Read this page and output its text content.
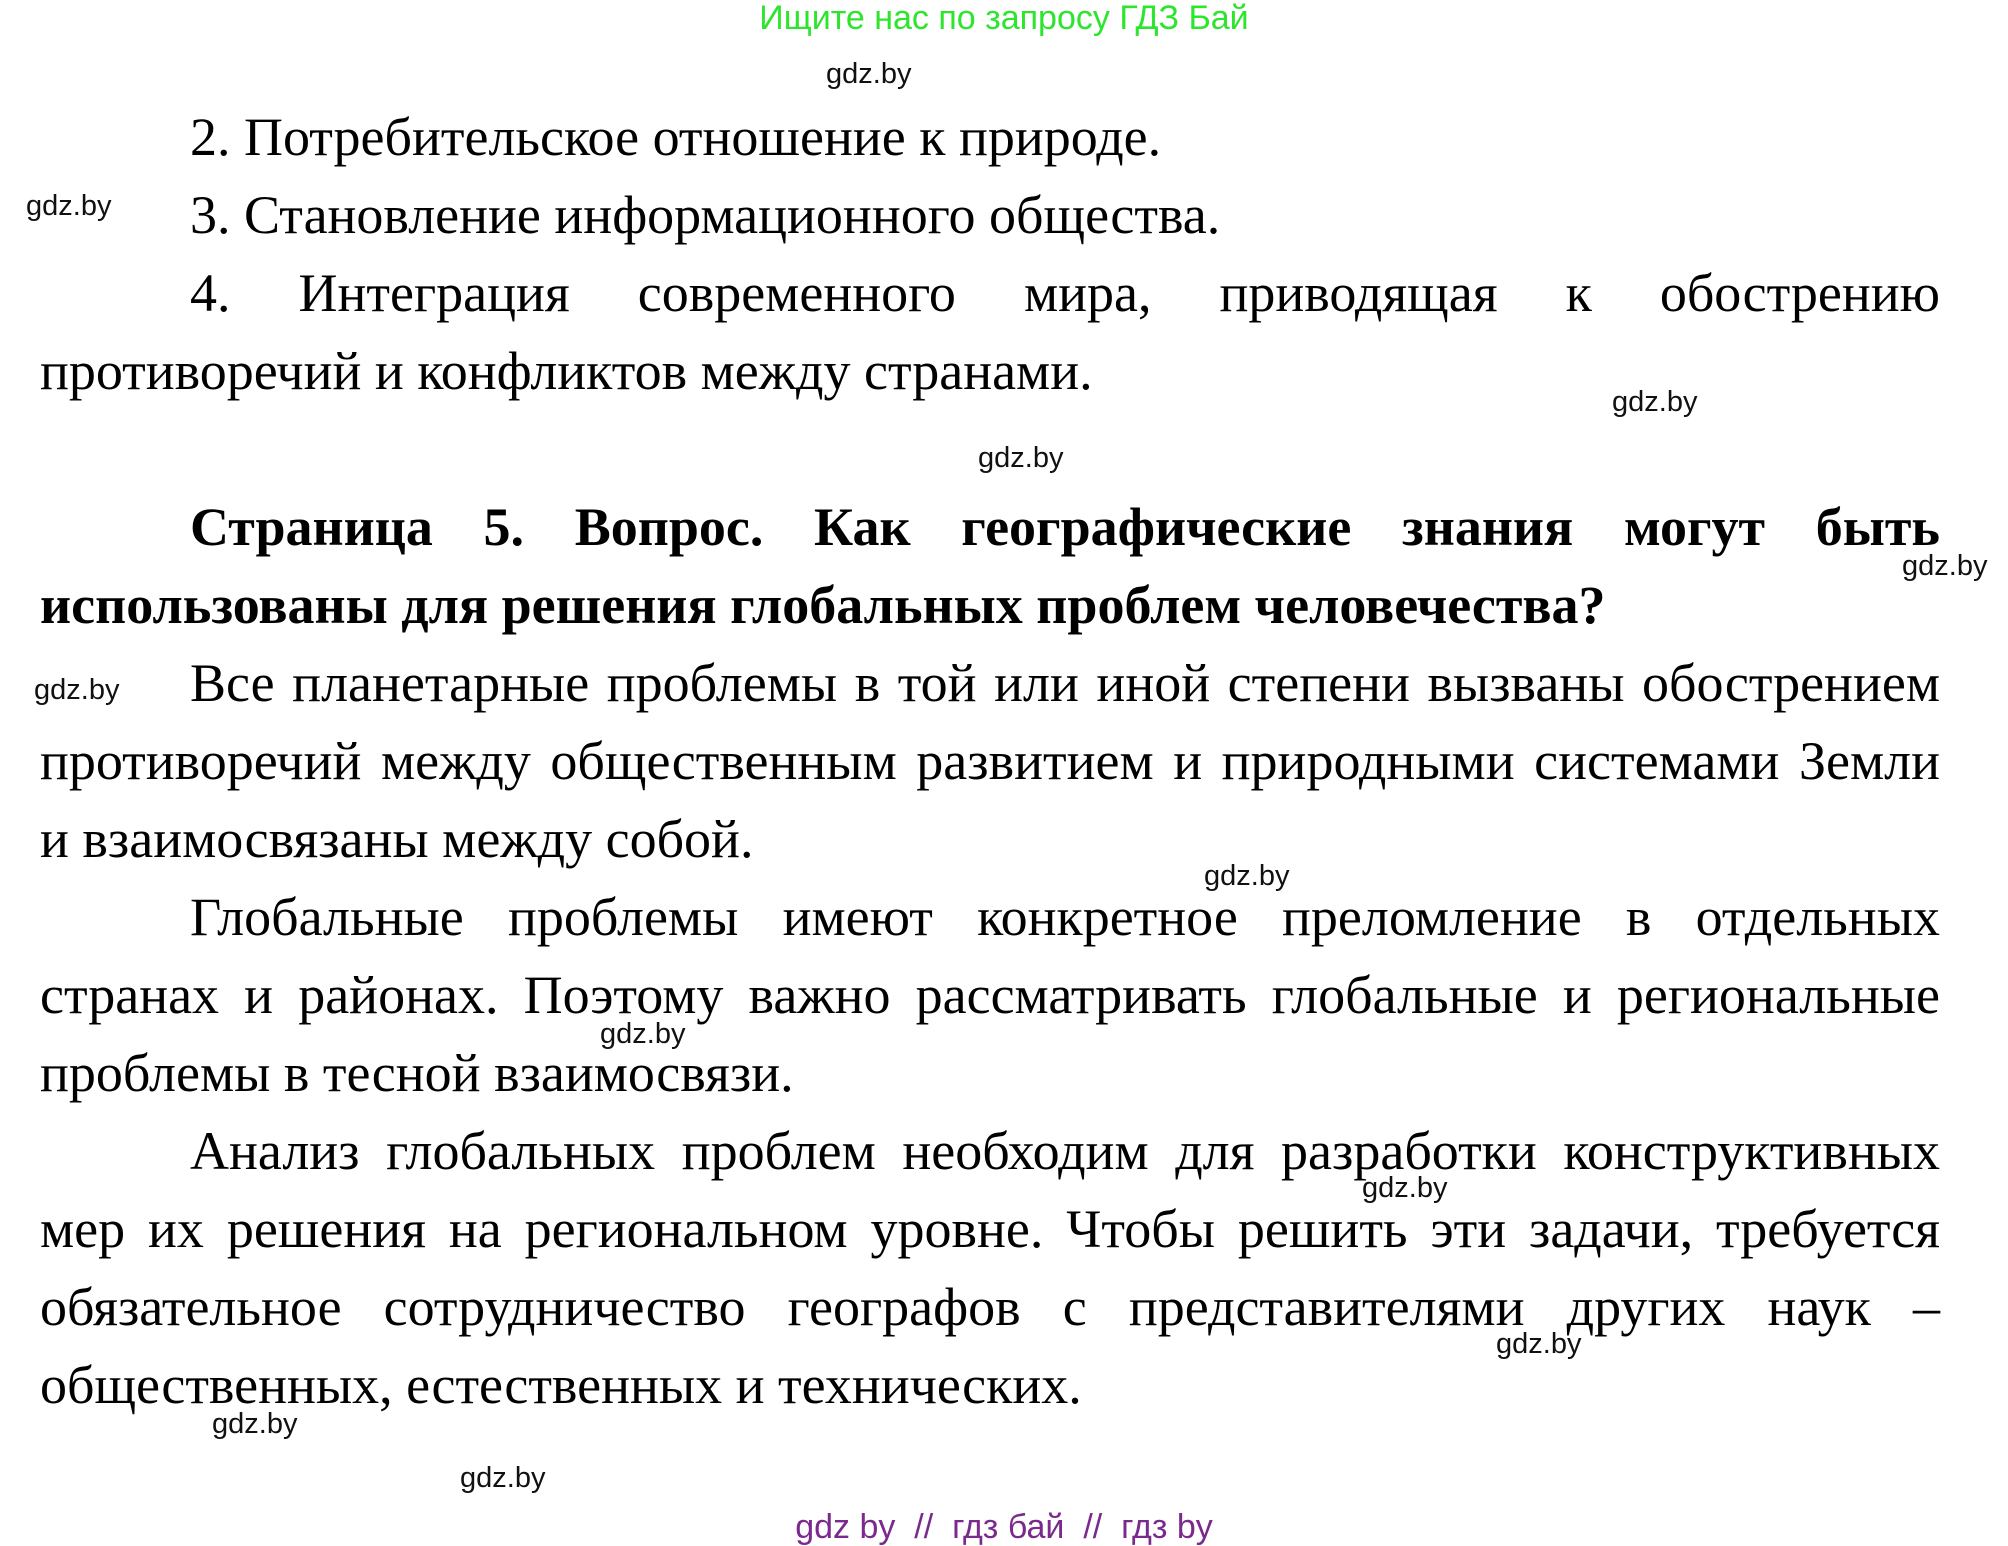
Ищите нас по запросу ГДЗ Бай

2. Потребительское отношение к природе.

3. Становление информационного общества.

4. Интеграция современного мира, приводящая к обострению противоречий и конфликтов между странами.

Страница 5. Вопрос. Как географические знания могут быть использованы для решения глобальных проблем человечества?

Все планетарные проблемы в той или иной степени вызваны обострением противоречий между общественным развитием и природными системами Земли и взаимосвязаны между собой.

Глобальные проблемы имеют конкретное преломление в отдельных странах и районах. Поэтому важно рассматривать глобальные и региональные проблемы в тесной взаимосвязи.

Анализ глобальных проблем необходим для разработки конструктивных мер их решения на региональном уровне. Чтобы решить эти задачи, требуется обязательное сотрудничество географов с представителями других наук – общественных, естественных и технических.

gdz.by
gdz.by
gdz.by
gdz.by
gdz.by
gdz.by
gdz.by
gdz.by
gdz.by
gdz.by
gdz.by
gdz.by
gdz by  //  гдз бай  //  гдз by
